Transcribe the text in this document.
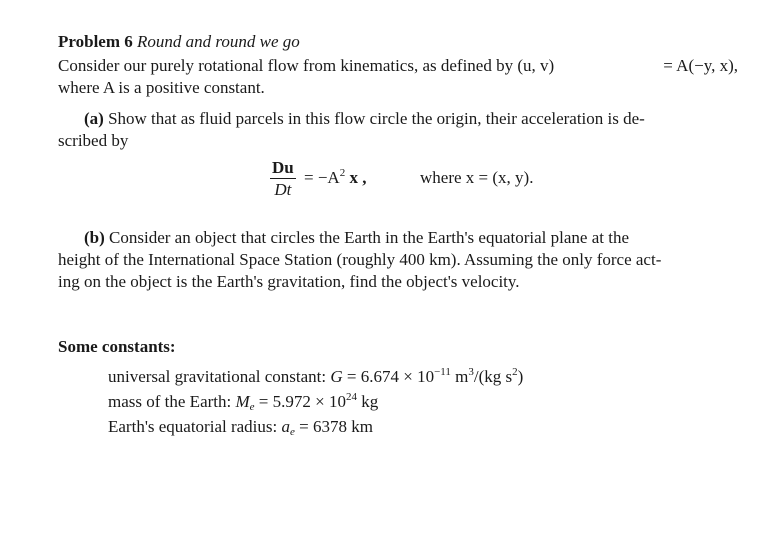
Problem 6 Round and round we go
Consider our purely rotational flow from kinematics, as defined by (u, v)	= A(−y, x),
where A is a positive constant.
(a) Show that as fluid parcels in this flow circle the origin, their acceleration is de-
scribed by
$\frac{Du}{Dt} = -A^2$ x ,	where x = (x, y).
(b) Consider an object that circles the Earth in the Earth's equatorial plane at the
height of the International Space Station (roughly 400 km). Assuming the only force act-
ing on the object is the Earth's gravitation, find the object's velocity.
Some constants:
universal gravitational constant: $G = 6.674 \times 10^{-11}$ $m^3/(kg$ $s^2$)
mass of the Earth: $M_e = 5.972 \times 10^{24}$ kg
Earth's equatorial radius: $a_e = 6378$ km
